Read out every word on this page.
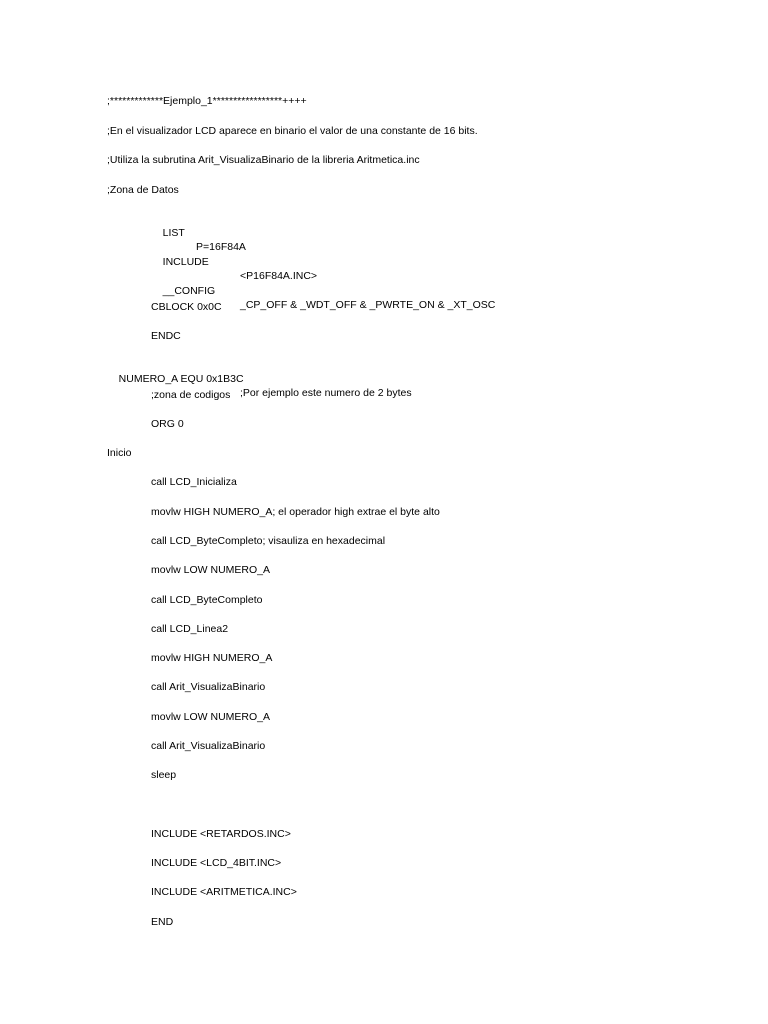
;*************Ejemplo_1*****************++++
;En el visualizador LCD aparece en binario el valor de una constante de 16 bits.
;Utiliza la subrutina Arit_VisualizaBinario de la libreria Aritmetica.inc
;Zona de Datos

LIST

P=16F84A

INCLUDE

<P16F84A.INC>

__CONFIG

_CP_OFF & _WDT_OFF & _PWRTE_ON & _XT_OSC

CBLOCK 0x0C
ENDC

NUMERO_A EQU 0x1B3C

;Por ejemplo este numero de 2 bytes

;zona de codigos
ORG 0
Inicio
call LCD_Inicializa
movlw HIGH NUMERO_A; el operador high extrae el byte alto
call LCD_ByteCompleto; visauliza en hexadecimal
movlw LOW NUMERO_A
call LCD_ByteCompleto
call LCD_Linea2
movlw HIGH NUMERO_A
call Arit_VisualizaBinario
movlw LOW NUMERO_A
call Arit_VisualizaBinario
sleep
INCLUDE <RETARDOS.INC>
INCLUDE <LCD_4BIT.INC>
INCLUDE <ARITMETICA.INC>
END
